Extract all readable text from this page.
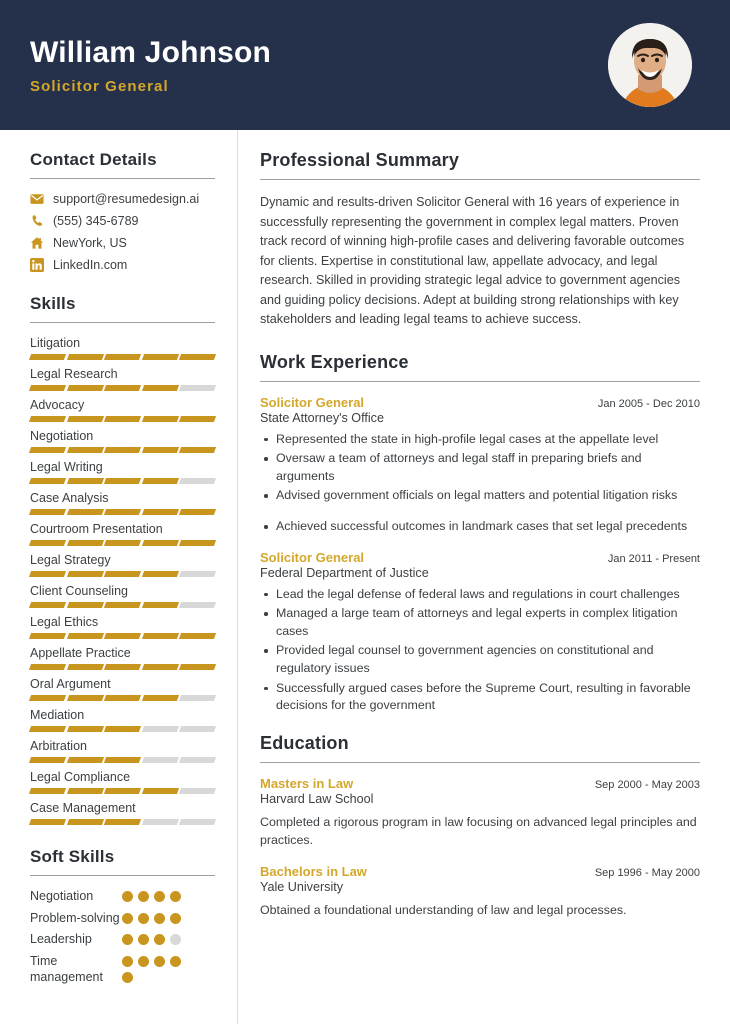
William Johnson
Solicitor General
Contact Details
support@resumedesign.ai
(555) 345-6789
NewYork, US
LinkedIn.com
Skills
Litigation
Legal Research
Advocacy
Negotiation
Legal Writing
Case Analysis
Courtroom Presentation
Legal Strategy
Client Counseling
Legal Ethics
Appellate Practice
Oral Argument
Mediation
Arbitration
Legal Compliance
Case Management
Soft Skills
Negotiation
Problem-solving
Leadership
Time management
Professional Summary
Dynamic and results-driven Solicitor General with 16 years of experience in successfully representing the government in complex legal matters. Proven track record of winning high-profile cases and delivering favorable outcomes for clients. Expertise in constitutional law, appellate advocacy, and legal research. Skilled in providing strategic legal advice to government agencies and guiding policy decisions. Adept at building strong relationships with key stakeholders and leading legal teams to achieve success.
Work Experience
Solicitor General	Jan 2005 - Dec 2010
State Attorney's Office
Represented the state in high-profile legal cases at the appellate level
Oversaw a team of attorneys and legal staff in preparing briefs and arguments
Advised government officials on legal matters and potential litigation risks
Achieved successful outcomes in landmark cases that set legal precedents
Solicitor General	Jan 2011 - Present
Federal Department of Justice
Lead the legal defense of federal laws and regulations in court challenges
Managed a large team of attorneys and legal experts in complex litigation cases
Provided legal counsel to government agencies on constitutional and regulatory issues
Successfully argued cases before the Supreme Court, resulting in favorable decisions for the government
Education
Masters in Law	Sep 2000 - May 2003
Harvard Law School
Completed a rigorous program in law focusing on advanced legal principles and practices.
Bachelors in Law	Sep 1996 - May 2000
Yale University
Obtained a foundational understanding of law and legal processes.
